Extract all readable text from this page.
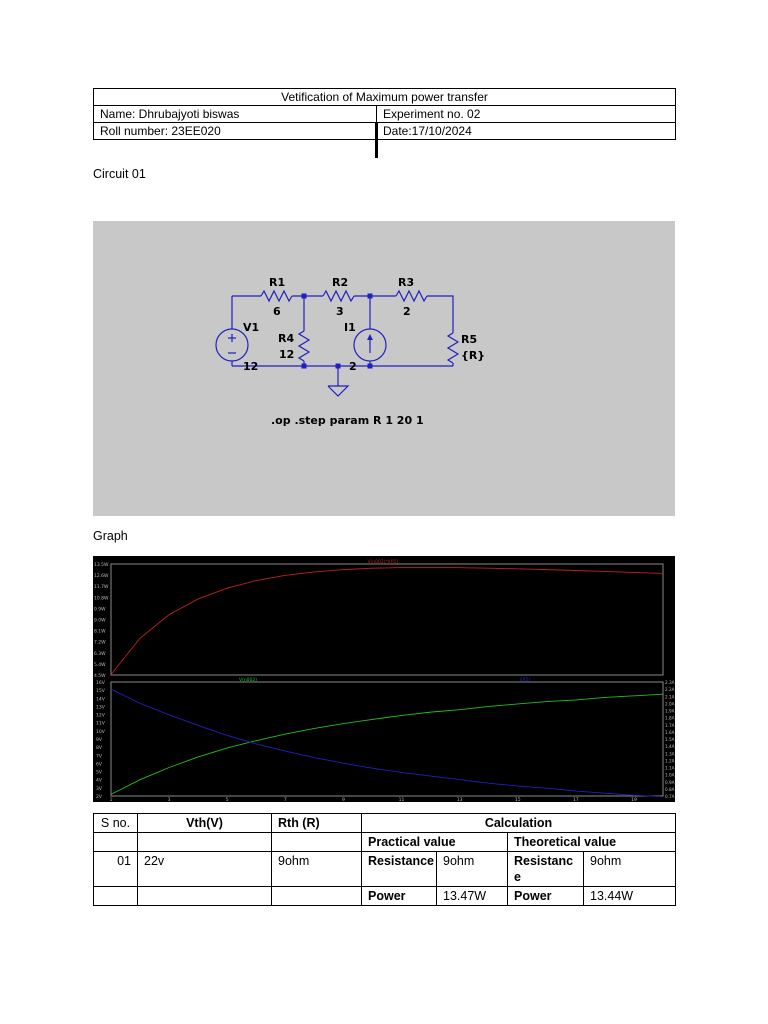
Vetification of Maximum power transfer	
Name: Dhrubajyoti biswas	Experiment no. 02
Roll number: 23EE020	Date:17/10/2024
Circuit 01
R1
6
R2
3
R3
2
R4
12
R5
{R}
V1
12
I1
2
.op .step param R 1 20 1
Graph
13.5W
12.6W
11.7W
10.8W
9.9W
9.0W
8.1W
7.2W
6.3W
5.4W
4.5W
V(n002)*I(R5)
16V
15V
14V
13V
12V
11V
10V
9V
8V
7V
6V
5V
4V
3V
2V
2.3A
2.2A
2.1A
2.0A
1.9A
1.8A
1.7A
1.6A
1.5A
1.4A
1.3A
1.2A
1.1A
1.0A
0.9A
0.8A
0.7A
1	3	5	7	9	11	13	15	17	19
V(n002)	I(R5)
S no.	Vth(V)	Rth (R)	Calculation			
			Practical value		Theoretical value	
01	22v	9ohm	Resistance	9ohm	Resistanc e	9ohm
			Power	13.47W	Power	13.44W
